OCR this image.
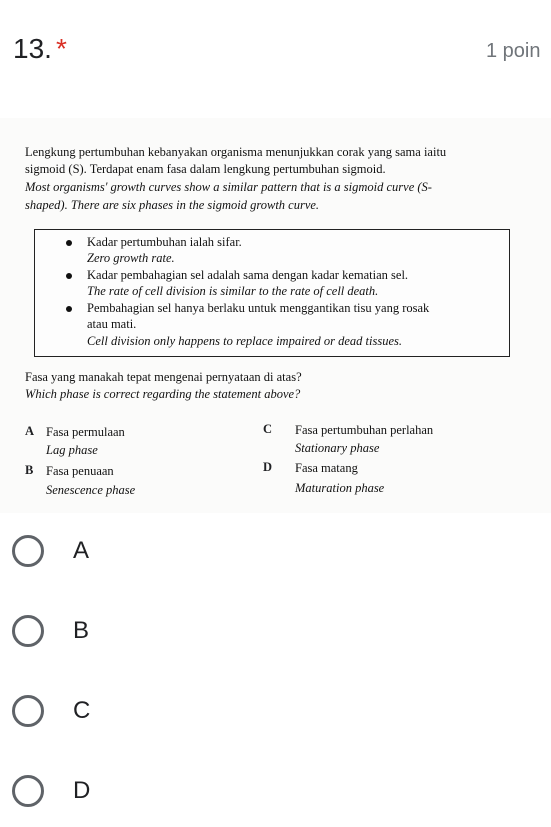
13. *	1 poin
Lengkung pertumbuhan kebanyakan organisma menunjukkan corak yang sama iaitu
sigmoid (S). Terdapat enam fasa dalam lengkung pertumbuhan sigmoid.
Most organisms' growth curves show a similar pattern that is a sigmoid curve (S-
shaped). There are six phases in the sigmoid growth curve.
Kadar pertumbuhan ialah sifar.
Zero growth rate.
Kadar pembahagian sel adalah sama dengan kadar kematian sel.
The rate of cell division is similar to the rate of cell death.
Pembahagian sel hanya berlaku untuk menggantikan tisu yang rosak
atau mati.
Cell division only happens to replace impaired or dead tissues.
Fasa yang manakah tepat mengenai pernyataan di atas?
Which phase is correct regarding the statement above?
A Fasa permulaan
Lag phase
B Fasa penuaan
Senescence phase
C Fasa pertumbuhan perlahan
Stationary phase
D Fasa matang
Maturation phase
A
B
C
D
